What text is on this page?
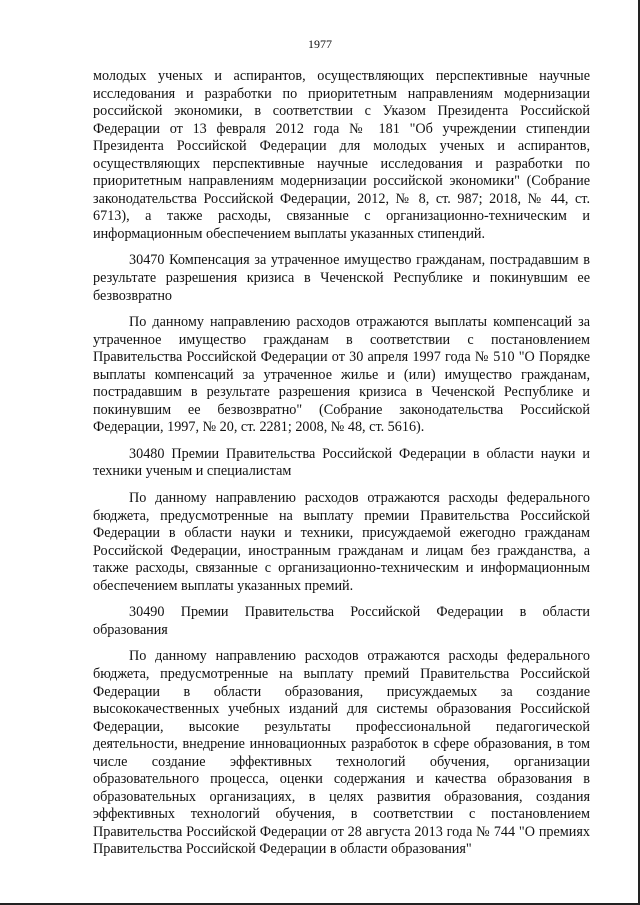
1977

молодых ученых и аспирантов, осуществляющих перспективные научные исследования и разработки по приоритетным направлениям модернизации российской экономики, в соответствии с Указом Президента Российской Федерации от 13 февраля 2012 года № 181 "Об учреждении стипендии Президента Российской Федерации для молодых ученых и аспирантов, осуществляющих перспективные научные исследования и разработки по приоритетным направлениям модернизации российской экономики" (Собрание законодательства Российской Федерации, 2012, № 8, ст. 987; 2018, № 44, ст. 6713), а также расходы, связанные с организационно-техническим и информационным обеспечением выплаты указанных стипендий.

30470 Компенсация за утраченное имущество гражданам, пострадавшим в результате разрешения кризиса в Чеченской Республике и покинувшим ее безвозвратно

По данному направлению расходов отражаются выплаты компенсаций за утраченное имущество гражданам в соответствии с постановлением Правительства Российской Федерации от 30 апреля 1997 года № 510 "О Порядке выплаты компенсаций за утраченное жилье и (или) имущество гражданам, пострадавшим в результате разрешения кризиса в Чеченской Республике и покинувшим ее безвозвратно" (Собрание законодательства Российской Федерации, 1997, № 20, ст. 2281; 2008, № 48, ст. 5616).

30480 Премии Правительства Российской Федерации в области науки и техники ученым и специалистам

По данному направлению расходов отражаются расходы федерального бюджета, предусмотренные на выплату премии Правительства Российской Федерации в области науки и техники, присуждаемой ежегодно гражданам Российской Федерации, иностранным гражданам и лицам без гражданства, а также расходы, связанные с организационно-техническим и информационным обеспечением выплаты указанных премий.

30490 Премии Правительства Российской Федерации в области образования

По данному направлению расходов отражаются расходы федерального бюджета, предусмотренные на выплату премий Правительства Российской Федерации в области образования, присуждаемых за создание высококачественных учебных изданий для системы образования Российской Федерации, высокие результаты профессиональной педагогической деятельности, внедрение инновационных разработок в сфере образования, в том числе создание эффективных технологий обучения, организации образовательного процесса, оценки содержания и качества образования в образовательных организациях, в целях развития образования, создания эффективных технологий обучения, в соответствии с постановлением Правительства Российской Федерации от 28 августа 2013 года № 744 "О премиях Правительства Российской Федерации в области образования"
